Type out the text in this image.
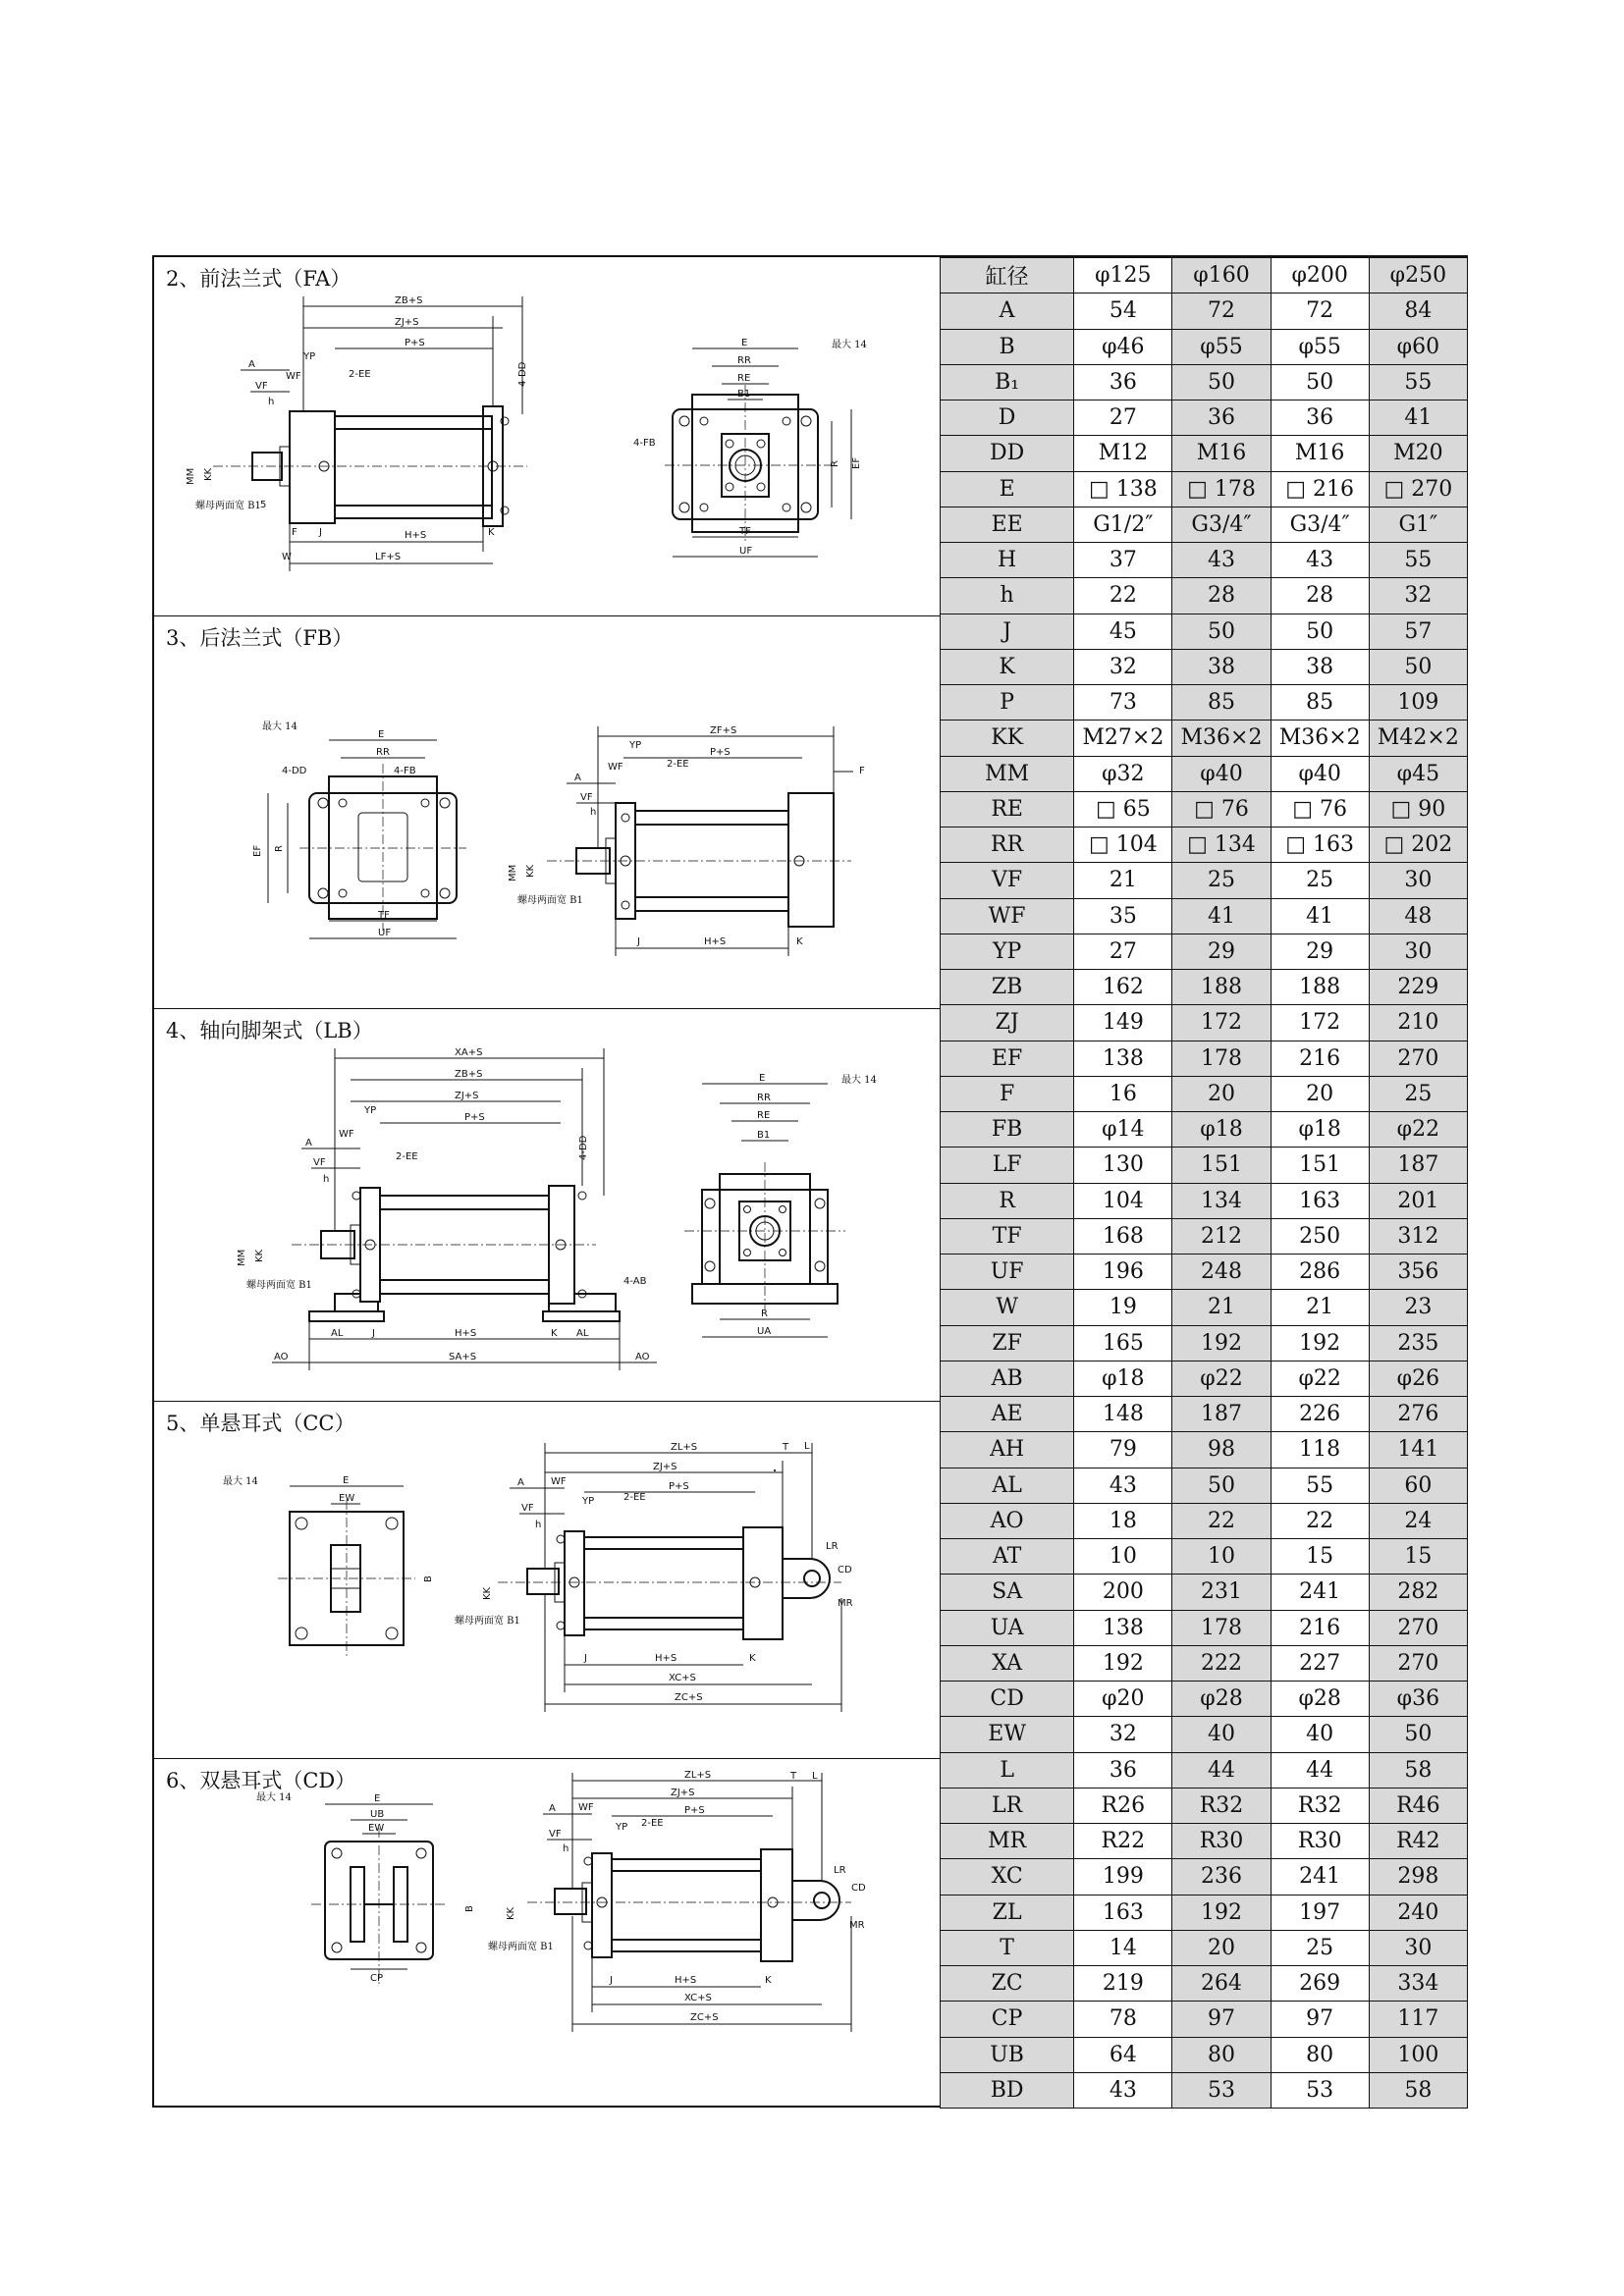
2、前法兰式（FA）
ZB+S
ZJ+S
P+S
A
YP
WF
VF
2-EE
h
4-DD
MM KK
螺母两面宽 B1 5
F J	H+S	K
W	LF+S
E	最大 14
RR
RE
B1
4-FB
R EF
TF
UF
3、后法兰式（FB）
最大 14
E
RR
4-DD	4-FB
EF R
TF
UF
ZF+S
P+S
YP
A
WF	2-EE
VF
h
F
MM KK
螺母两面宽 B1
J	H+S	K
4、轴向脚架式（LB）
XA+S
ZB+S
ZJ+S
YP
P+S
A
WF
2-EE
VF
4-DD
h
MM KK
螺母两面宽 B1	4-AB
AL	J	H+S	K AL
AO	SA+S	AO
E	最大 14
RR
RE
B1
R
UA
5、单悬耳式（CC）
最大 14	E
EW
B
ZL+S
ZJ+S
T L
A	WF	P+S
YP	2-EE
VF
LR
h
CD
KK
MR
螺母两面宽 B1
J	H+S	K
XC+S
ZC+S
6、双悬耳式（CD）
最大 14	E
UB
EW
CP
ZL+S
ZJ+S
T L
A WF	P+S
2-EE
YP
VF
LR
h
CD
B	KK
MR
螺母两面宽 B1
J	H+S	K
XC+S
ZC+S
缸径	φ125	φ160	φ200	φ250
A	54	72	72	84
B	φ46	φ55	φ55	φ60
B₁	36	50	50	55
D	27	36	36	41
DD	M12	M16	M16	M20
E	□ 138	□ 178	□ 216	□ 270
EE	G1/2″	G3/4″	G3/4″	G1″
H	37	43	43	55
h	22	28	28	32
J	45	50	50	57
K	32	38	38	50
P	73	85	85	109
KK	M27×2	M36×2	M36×2	M42×2
MM	φ32	φ40	φ40	φ45
RE	□ 65	□ 76	□ 76	□ 90
RR	□ 104	□ 134	□ 163	□ 202
VF	21	25	25	30
WF	35	41	41	48
YP	27	29	29	30
ZB	162	188	188	229
ZJ	149	172	172	210
EF	138	178	216	270
F	16	20	20	25
FB	φ14	φ18	φ18	φ22
LF	130	151	151	187
R	104	134	163	201
TF	168	212	250	312
UF	196	248	286	356
W	19	21	21	23
ZF	165	192	192	235
AB	φ18	φ22	φ22	φ26
AE	148	187	226	276
AH	79	98	118	141
AL	43	50	55	60
AO	18	22	22	24
AT	10	10	15	15
SA	200	231	241	282
UA	138	178	216	270
XA	192	222	227	270
CD	φ20	φ28	φ28	φ36
EW	32	40	40	50
L	36	44	44	58
LR	R26	R32	R32	R46
MR	R22	R30	R30	R42
XC	199	236	241	298
ZL	163	192	197	240
T	14	20	25	30
ZC	219	264	269	334
CP	78	97	97	117
UB	64	80	80	100
BD	43	53	53	58
